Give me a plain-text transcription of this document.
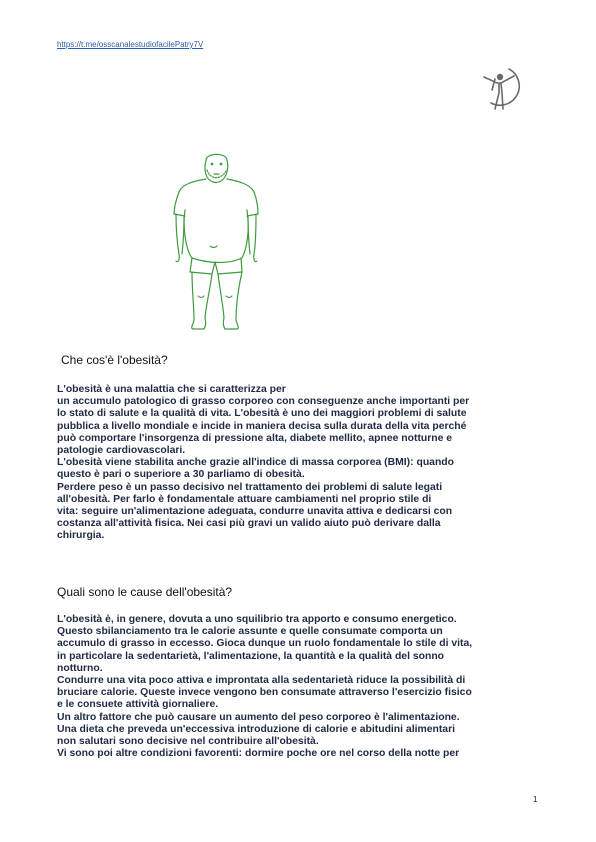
https://t.me/osscanalestudiofacilePatry7V
Che cos'è l'obesità?
L'obesità è una malattia che si caratterizza per
un accumulo patologico di grasso corporeo con conseguenze anche importanti per
lo stato di salute e la qualità di vita. L'obesità è uno dei maggiori problemi di salute
pubblica a livello mondiale e incide in maniera decisa sulla durata della vita perché
può comportare l'insorgenza di pressione alta, diabete mellito, apnee notturne e
patologie cardiovascolari.
L'obesità viene stabilita anche grazie all'indice di massa corporea (BMI): quando
questo è pari o superiore a 30 parliamo di obesità.
Perdere peso è un passo decisivo nel trattamento dei problemi di salute legati
all'obesità. Per farlo è fondamentale attuare cambiamenti nel proprio stile di
vita: seguire un'alimentazione adeguata, condurre unavita attiva e dedicarsi con
costanza all'attività fisica. Nei casi più gravi un valido aiuto può derivare dalla
chirurgia.
Quali sono le cause dell'obesità?
L'obesità è, in genere, dovuta a uno squilibrio tra apporto e consumo energetico.
Questo sbilanciamento tra le calorie assunte e quelle consumate comporta un
accumulo di grasso in eccesso. Gioca dunque un ruolo fondamentale lo stile di vita,
in particolare la sedentarietà, l'alimentazione, la quantità e la qualità del sonno
notturno.
Condurre una vita poco attiva e improntata alla sedentarietà riduce la possibilità di
bruciare calorie. Queste invece vengono ben consumate attraverso l'esercizio fisico
e le consuete attività giornaliere.
Un altro fattore che può causare un aumento del peso corporeo è l'alimentazione.
Una dieta che preveda un'eccessiva introduzione di calorie e abitudini alimentari
non salutari sono decisive nel contribuire all'obesità.
Vi sono poi altre condizioni favorenti: dormire poche ore nel corso della notte per
1
